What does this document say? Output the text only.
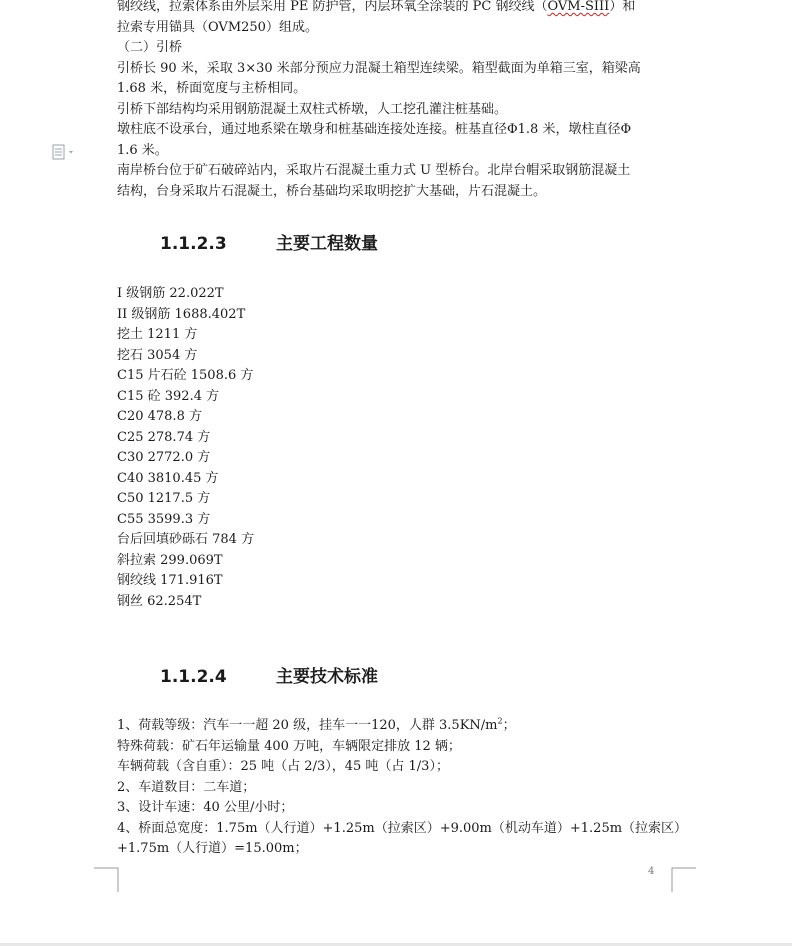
钢绞线，拉索体系由外层采用 PE 防护管，内层环氧全涂装的 PC 钢绞线（OVM-SIII）和
拉索专用锚具（OVM250）组成。
（二）引桥
引桥长 90 米，采取 3×30 米部分预应力混凝土箱型连续梁。箱型截面为单箱三室，箱梁高
1.68 米，桥面宽度与主桥相同。
引桥下部结构均采用钢筋混凝土双柱式桥墩，人工挖孔灌注桩基础。
墩柱底不设承台，通过地系梁在墩身和桩基础连接处连接。桩基直径Φ1.8 米，墩柱直径Φ
1.6 米。
南岸桥台位于矿石破碎站内，采取片石混凝土重力式 U 型桥台。北岸台帽采取钢筋混凝土
结构，台身采取片石混凝土，桥台基础均采取明挖扩大基础，片石混凝土。
1.1.2.3	主要工程数量
I 级钢筋 22.022T
II 级钢筋 1688.402T
挖土 1211 方
挖石 3054 方
C15 片石砼 1508.6 方
C15 砼 392.4 方
C20 478.8 方
C25 278.74 方
C30 2772.0 方
C40 3810.45 方
C50 1217.5 方
C55 3599.3 方
台后回填砂砾石 784 方
斜拉索 299.069T
钢绞线 171.916T
钢丝 62.254T
1.1.2.4	主要技术标准
1、荷载等级：汽车一一超 20 级，挂车一一120，人群 $3.5KN/m^2$；
特殊荷载：矿石年运输量 400 万吨，车辆限定排放 12 辆；
车辆荷载（含自重）：25 吨（占 2/3），45 吨（占 1/3）；
2、车道数目：二车道；
3、设计车速：40 公里/小时；
4、桥面总宽度：1.75m（人行道）+1.25m（拉索区）+9.00m（机动车道）+1.25m（拉索区）
+1.75m（人行道）=15.00m；
4
